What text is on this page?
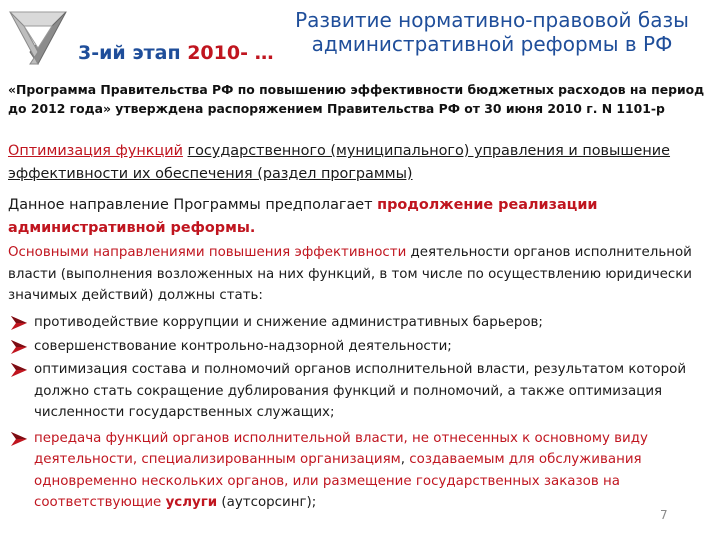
Развитие нормативно-правовой базы
административной реформы в РФ
3-ий этап 2010- …
«Программа Правительства РФ по повышению эффективности бюджетных расходов на период до 2012 года» утверждена распоряжением Правительства РФ от 30 июня 2010 г. N 1101-р
Оптимизация функций государственного (муниципального) управления и повышение эффективности их обеспечения (раздел программы)
Данное направление Программы предполагает продолжение реализации административной реформы.
Основными направлениями повышения эффективности деятельности органов исполнительной власти (выполнения возложенных на них функций, в том числе по осуществлению юридически значимых действий) должны стать:
противодействие коррупции и снижение административных барьеров;
совершенствование контрольно-надзорной деятельности;
оптимизация состава и полномочий органов исполнительной власти, результатом которой должно стать сокращение дублирования функций и полномочий, а также оптимизация численности государственных служащих;
передача функций органов исполнительной власти, не отнесенных к основному виду деятельности, специализированным организациям, создаваемым для обслуживания одновременно нескольких органов, или размещение государственных заказов на соответствующие услуги (аутсорсинг);
7
